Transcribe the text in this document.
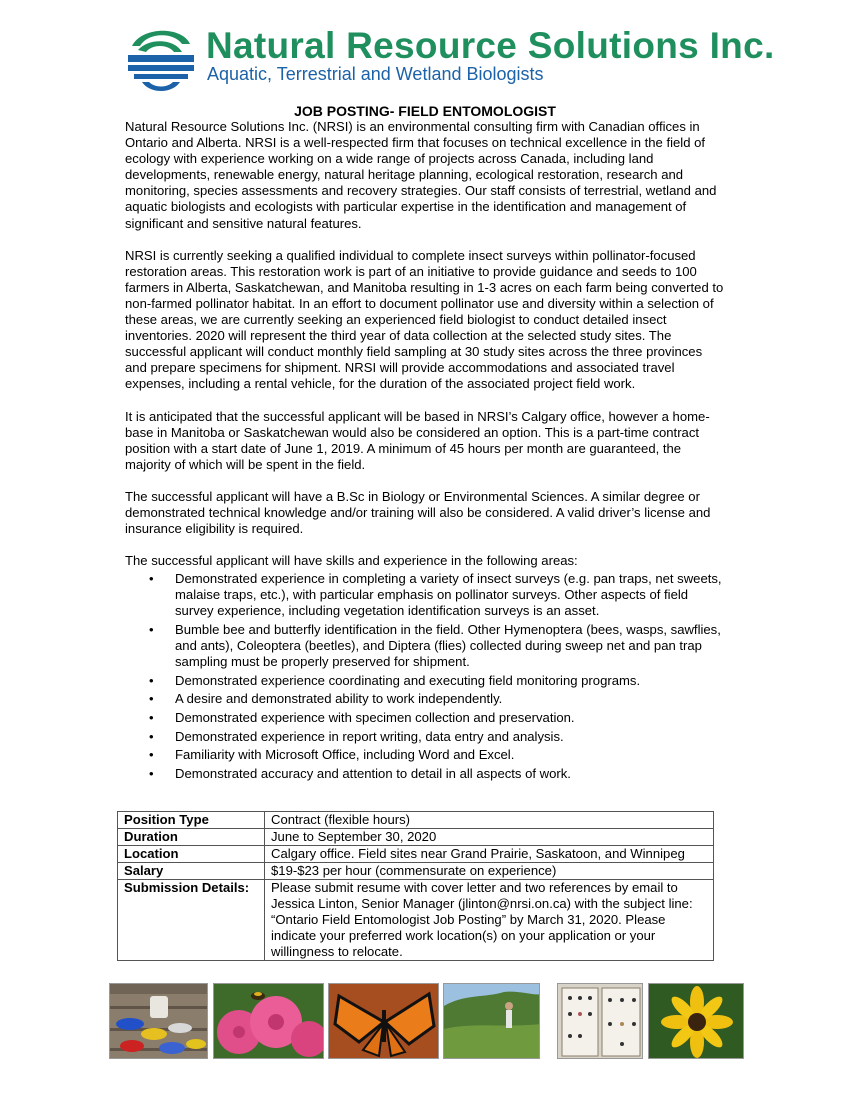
Natural Resource Solutions Inc.
Aquatic, Terrestrial and Wetland Biologists
JOB POSTING- FIELD ENTOMOLOGIST

Natural Resource Solutions Inc. (NRSI) is an environmental consulting firm with Canadian offices in Ontario and Alberta. NRSI is a well-respected firm that focuses on technical excellence in the field of ecology with experience working on a wide range of projects across Canada, including land developments, renewable energy, natural heritage planning, ecological restoration, research and monitoring, species assessments and recovery strategies. Our staff consists of terrestrial, wetland and aquatic biologists and ecologists with particular expertise in the identification and management of significant and sensitive natural features.

NRSI is currently seeking a qualified individual to complete insect surveys within pollinator-focused restoration areas. This restoration work is part of an initiative to provide guidance and seeds to 100 farmers in Alberta, Saskatchewan, and Manitoba resulting in 1-3 acres on each farm being converted to non-farmed pollinator habitat. In an effort to document pollinator use and diversity within a selection of these areas, we are currently seeking an experienced field biologist to conduct detailed insect inventories. 2020 will represent the third year of data collection at the selected study sites. The successful applicant will conduct monthly field sampling at 30 study sites across the three provinces and prepare specimens for shipment. NRSI will provide accommodations and associated travel expenses, including a rental vehicle, for the duration of the associated project field work.

It is anticipated that the successful applicant will be based in NRSI’s Calgary office, however a home-base in Manitoba or Saskatchewan would also be considered an option. This is a part-time contract position with a start date of June 1, 2019. A minimum of 45 hours per month are guaranteed, the majority of which will be spent in the field.

The successful applicant will have a B.Sc in Biology or Environmental Sciences. A similar degree or demonstrated technical knowledge and/or training will also be considered. A valid driver’s license and insurance eligibility is required.

The successful applicant will have skills and experience in the following areas:

• Demonstrated experience in completing a variety of insect surveys (e.g. pan traps, net sweets, malaise traps, etc.), with particular emphasis on pollinator surveys. Other aspects of field survey experience, including vegetation identification surveys is an asset.
• Bumble bee and butterfly identification in the field. Other Hymenoptera (bees, wasps, sawflies, and ants), Coleoptera (beetles), and Diptera (flies) collected during sweep net and pan trap sampling must be properly preserved for shipment.
• Demonstrated experience coordinating and executing field monitoring programs.
• A desire and demonstrated ability to work independently.
• Demonstrated experience with specimen collection and preservation.
• Demonstrated experience in report writing, data entry and analysis.
• Familiarity with Microsoft Office, including Word and Excel.
• Demonstrated accuracy and attention to detail in all aspects of work.
Position Type	Contract (flexible hours)
Duration	June to September 30, 2020
Location	Calgary office. Field sites near Grand Prairie, Saskatoon, and Winnipeg
Salary	$19-$23 per hour (commensurate on experience)
Submission Details:	Please submit resume with cover letter and two references by email to Jessica Linton, Senior Manager (jlinton@nrsi.on.ca) with the subject line: “Ontario Field Entomologist Job Posting” by March 31, 2020. Please indicate your preferred work location(s) on your application or your willingness to relocate.
